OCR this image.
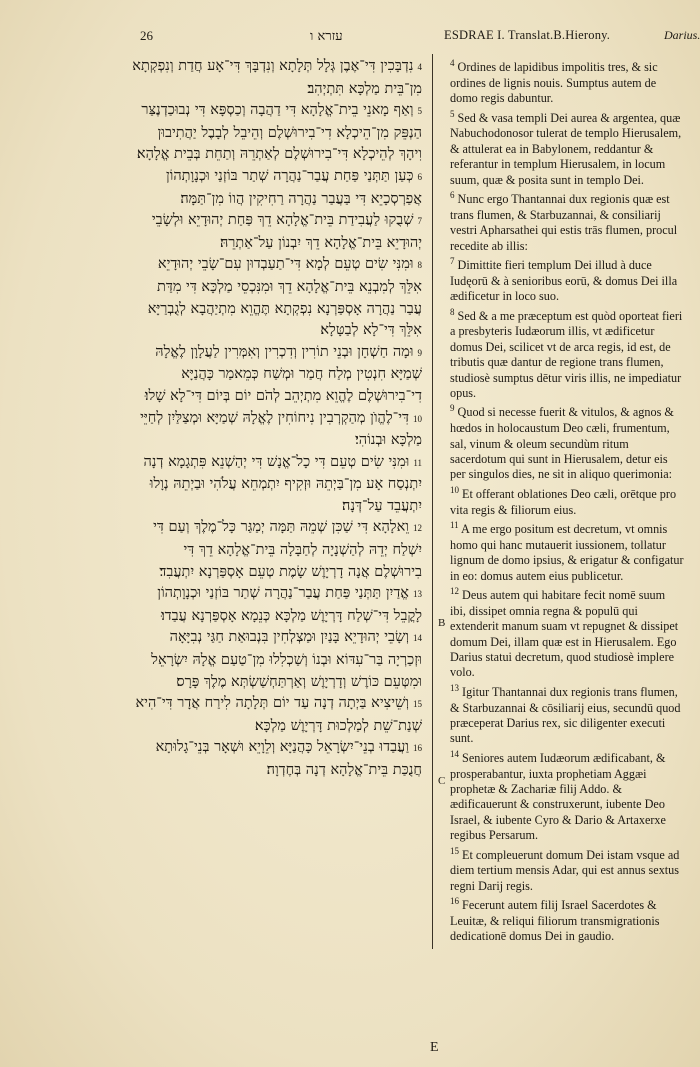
26	עזרא ו	ESDRAE I. Translat.B.Hierony.	Darius.
4נִדְבָּכִין דִּי־אֶבֶן גְּלָל תְּלָתָא וְנִדְבָּךְ דִּי־אָע חֲדַת וְנִפְקְתָא מִן־בֵּית מַלְכָּא תִּתְיְהִב׃
5וְאַף מָאנֵי בֵית־אֱלָהָא דִּי דַהֲבָה וְכַסְפָּא דִּי נְבוּכַדְנֶצַּר הַנְפֵּק מִן־הֵיכְלָא דִי־בִירוּשְׁלֶם וְהֵיבֵל לְבָבֶל יַהֲתִיבוּן וִיהָךְ לְהֵיכְלָא דִּי־בִירוּשְׁלֶם לְאַתְרֵהּ וְתַחֵת בְּבֵית אֱלָהָא׃
6כְּעַן תַּתְּנַי פַּחַת עֲבַר־נַהֲרָה שְׁתַר בּוֹזְנַי וּכְנָוָתְהוֹן אֲפַרְסְכָיֵא דִּי בַּעֲבַר נַהֲרָה רַחִיקִין הֲווֹ מִן־תַּמָּה׃
7שְׁבֻקוּ לַעֲבִידַת בֵּית־אֱלָהָא דֵךְ פַּחַת יְהוּדָיֵא וּלְשָׂבֵי יְהוּדָיֵא בֵּית־אֱלָהָא דֵךְ יִבְנוֹן עַל־אַתְרֵהּ׃
8וּמִנִּי שִׂים טְעֵם לְמָא דִּי־תַעַבְדוּן עִם־שָׂבֵי יְהוּדָיֵא אִלֵּךְ לְמִבְנֵא בֵּית־אֱלָהָא דֵךְ וּמִנִּכְסֵי מַלְכָּא דִּי מִדַּת עֲבַר נַהֲרָה אָסְפַּרְנָא נִפְקְתָא תֶּהֱוֵא מִתְיַהֲבָא לְגֻבְרַיָּא אִלֵּךְ דִּי־לָא לְבַטָּלָא׃
9וּמָה חַשְׁחָן וּבְנֵי תוֹרִין וְדִכְרִין וְאִמְּרִין לַעֲלָוָן לֶאֱלָהּ שְׁמַיָּא חִנְטִין מְלַח חֲמַר וּמְשַׁח כְּמֵאמַר כָּהֲנַיָּא דִי־בִירוּשְׁלֶם לֶהֱוֵא מִתְיְהֵב לְהֹם יוֹם בְּיוֹם דִּי־לָא שָׁלוּ׃
10דִּי־לֶהֱוֺן מְהַקְרְבִין נִיחוֹחִין לֶאֱלָהּ שְׁמַיָּא וּמְצַלַּיִן לְחַיֵּי מַלְכָּא וּבְנוֹהִי׃
11וּמִנִּי שִׂים טְעֵם דִּי כָל־אֱנָשׁ דִּי יְהַשְׁנֵא פִּתְגָמָא דְנָה יִתְנְסַח אָע מִן־בַּיְתֵהּ וּזְקִיף יִתְמְחֵא עֲלֹהִי וּבַיְתֵהּ נְוָלוּ יִתְעֲבֵד עַל־דְּנָה׃
12וֵאלָהָא דִּי שַׁכִּן שְׁמֵהּ תַּמָּה יְמַגַּר כָּל־מֶלֶךְ וְעַם דִּי יִשְׁלַח יְדֵהּ לְהַשְׁנָיָה לְחַבָּלָה בֵּית־אֱלָהָא דֵךְ דִּי בִירוּשְׁלֶם אֲנָה דָרְיָוֶשׁ שָׂמֶת טְעֵם אָסְפַּרְנָא יִתְעֲבִד׃
13אֱדַיִן תַּתְּנַי פַּחַת עֲבַר־נַהֲרָה שְׁתַר בּוֹזְנַי וּכְנָוָתְהוֹן לָקֳבֵל דִּי־שְׁלַח דָּרְיָוֶשׁ מַלְכָּא כְּנֵמָא אָסְפַּרְנָא עֲבַדוּ׃
14וְשָׂבֵי יְהוּדָיֵא בָּנַיִן וּמַצְלְחִין בִּנְבוּאַת חַגַּי נְבִיָּאָה וּזְכַרְיָה בַּר־עִדּוֹא וּבְנוֹ וְשַׁכְלִלוּ מִן־טַעַם אֱלָהּ יִשְׂרָאֵל וּמִטְּעֵם כּוֹרֶשׁ וְדָרְיָוֶשׁ וְאַרְתַּחְשַׁשְׂתְּא מֶלֶךְ פָּרָס׃
15וְשֵׁיצִיא בַּיְתָה דְנָה עַד יוֹם תְּלָתָה לִירַח אֲדָר דִּי־הִיא שְׁנַת־שֵׁת לְמַלְכוּת דָּרְיָוֶשׁ מַלְכָּא׃
16וַעֲבַדוּ בְנֵי־יִשְׂרָאֵל כָּהֲנַיָּא וְלֵוָיֵא וּשְׁאָר בְּנֵי־גָלוּתָא חֲנֻכַּת בֵּית־אֱלָהָא דְנָה בְּחֶדְוָה׃

$^4$ Ordines de lapidibus impolitis tres, & sic ordines de lignis nouis. Sumptus autem de domo regis dabuntur.

$^5$ Sed & vasa templi Dei aurea & argentea, quæ Nabuchodonosor tulerat de templo Hierusalem, & attulerat ea in Babylonem, reddantur & referantur in templum Hierusalem, in locum suum, quæ & posita sunt in templo Dei.

$^6$ Nunc ergo Thantannai dux regionis quæ est trans flumen, & Starbuzannai, & consiliarij vestri Apharsathei qui estis trās flumen, procul recedite ab illis:

$^7$ Dimittite fieri templum Dei illud à duce Iudęorū & à senioribus eorū, & domus Dei illa ædificetur in loco suo.

$^8$ Sed & a me præceptum est quòd oporteat fieri a presbyteris Iudæorum illis, vt ædificetur domus Dei, scilicet vt de arca regis, id est, de tributis quæ dantur de regione trans flumen, studiosè sumptus dētur viris illis, ne impediatur opus.

$^9$ Quod si necesse fuerit & vitulos, & agnos & hœdos in holocaustum Deo cæli, frumentum, sal, vinum & oleum secundùm ritum sacerdotum qui sunt in Hierusalem, detur eis per singulos dies, ne sit in aliquo querimonia:

$^{10}$ Et offerant oblationes Deo cæli, orētque pro vita regis & filiorum eius.

$^{11}$ A me ergo positum est decretum, vt omnis homo qui hanc mutauerit iussionem, tollatur lignum de domo ipsius, & erigatur & configatur in eo: domus autem eius publicetur.

$^{12}$ Deus autem qui habitare fecit nomē suum ibi, dissipet omnia regna & populū qui extenderit manum suam vt repugnet & dissipet domum Dei, illam quæ est in Hierusalem. Ego Darius statui decretum, quod studiosè implere volo.

$^{13}$ Igitur Thantannai dux regionis trans flumen, & Starbuzannai & cōsiliarij eius, secundū quod præceperat Darius rex, sic diligenter executi sunt.

$^{14}$ Seniores autem Iudæorum ædificabant, & prosperabantur, iuxta prophetiam Aggæi prophetæ & Zachariæ filij Addo. & ædificauerunt & construxerunt, iubente Deo Israel, & iubente Cyro & Dario & Artaxerxe regibus Persarum.

$^{15}$ Et compleuerunt domum Dei istam vsque ad diem tertium mensis Adar, qui est annus sextus regni Darij regis.

$^{16}$ Fecerunt autem filij Israel Sacerdotes & Leuitæ, & reliqui filiorum transmigrationis dedicationē domus Dei in gaudio.

B
C
E
